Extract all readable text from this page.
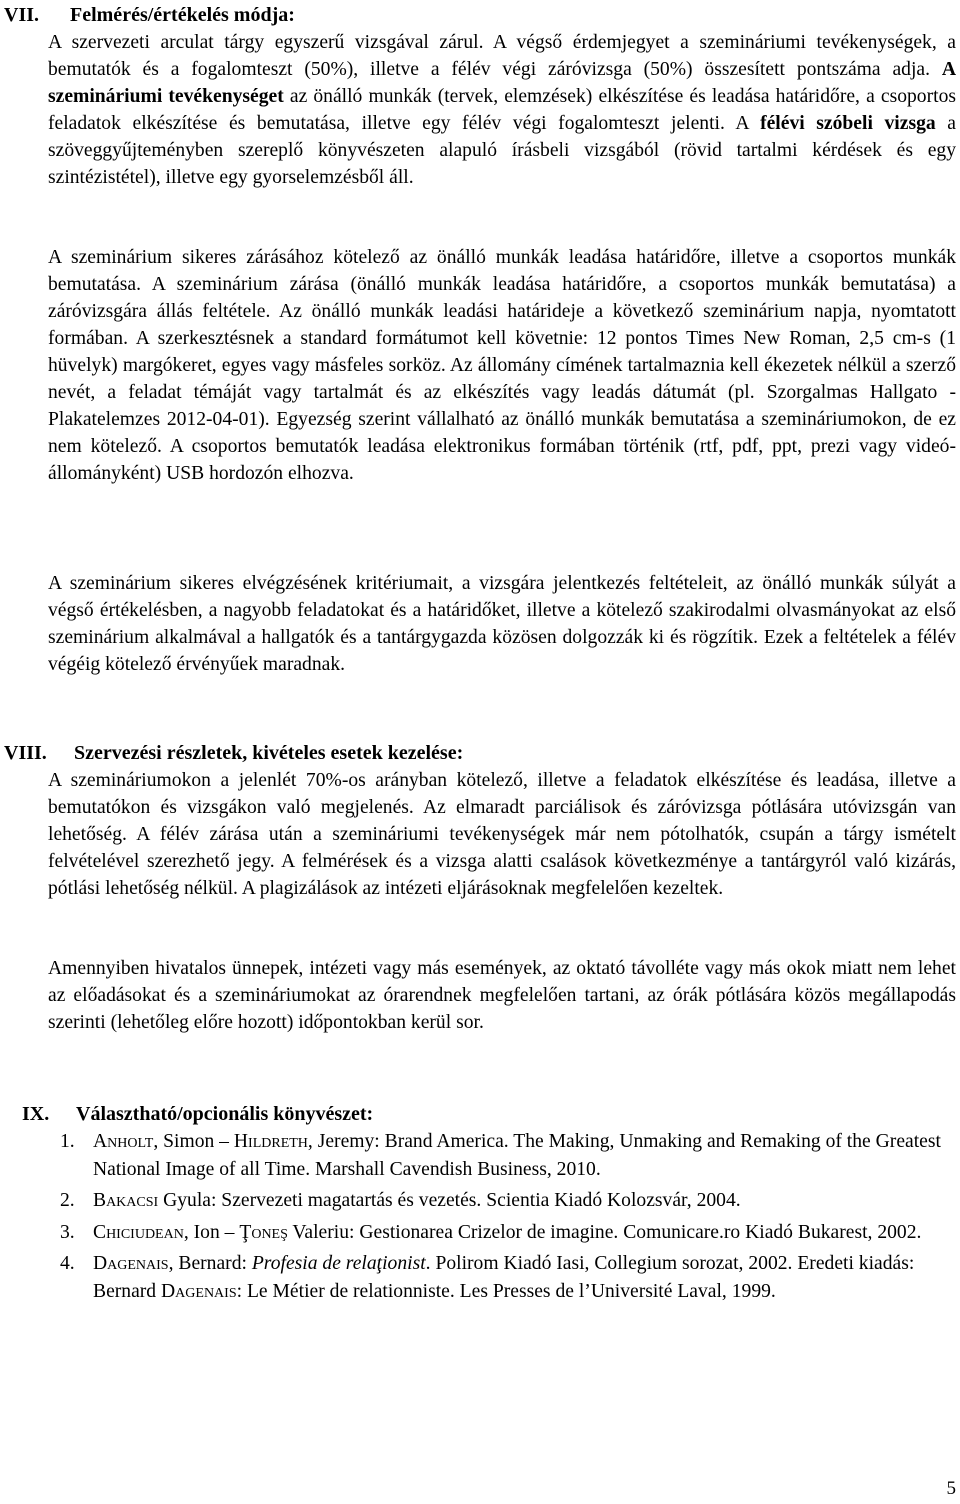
VII. Felmérés/értékelés módja:

A szervezeti arculat tárgy egyszerű vizsgával zárul. A végső érdemjegyet a szemináriumi tevékenységek, a bemutatók és a fogalomteszt (50%), illetve a félév végi záróvizsga (50%) összesített pontszáma adja. A szemináriumi tevékenységet az önálló munkák (tervek, elemzések) elkészítése és leadása határidőre, a csoportos feladatok elkészítése és bemutatása, illetve egy félév végi fogalomteszt jelenti. A félévi szóbeli vizsga a szöveggyűjteményben szereplő könyvészeten alapuló írásbeli vizsgából (rövid tartalmi kérdések és egy szintézistétel), illetve egy gyorselemzésből áll.

A szeminárium sikeres zárásához kötelező az önálló munkák leadása határidőre, illetve a csoportos munkák bemutatása. A szeminárium zárása (önálló munkák leadása határidőre, a csoportos munkák bemutatása) a záróvizsgára állás feltétele. Az önálló munkák leadási határideje a következő szeminárium napja, nyomtatott formában. A szerkesztésnek a standard formátumot kell követnie: 12 pontos Times New Roman, 2,5 cm-s (1 hüvelyk) margókeret, egyes vagy másfeles sorköz. Az állomány címének tartalmaznia kell ékezetek nélkül a szerző nevét, a feladat témáját vagy tartalmát és az elkészítés vagy leadás dátumát (pl. Szorgalmas Hallgato - Plakatelemzes 2012-04-01). Egyezség szerint vállalható az önálló munkák bemutatása a szemináriumokon, de ez nem kötelező. A csoportos bemutatók leadása elektronikus formában történik (rtf, pdf, ppt, prezi vagy videó-állományként) USB hordozón elhozva.

A szeminárium sikeres elvégzésének kritériumait, a vizsgára jelentkezés feltételeit, az önálló munkák súlyát a végső értékelésben, a nagyobb feladatokat és a határidőket, illetve a kötelező szakirodalmi olvasmányokat az első szeminárium alkalmával a hallgatók és a tantárgygazda közösen dolgozzák ki és rögzítik. Ezek a feltételek a félév végéig kötelező érvényűek maradnak.

VIII. Szervezési részletek, kivételes esetek kezelése:

A szemináriumokon a jelenlét 70%-os arányban kötelező, illetve a feladatok elkészítése és leadása, illetve a bemutatókon és vizsgákon való megjelenés. Az elmaradt parciálisok és záróvizsga pótlására utóvizsgán van lehetőség. A félév zárása után a szemináriumi tevékenységek már nem pótolhatók, csupán a tárgy ismételt felvételével szerezhető jegy. A felmérések és a vizsga alatti csalások következménye a tantárgyról való kizárás, pótlási lehetőség nélkül. A plagizálások az intézeti eljárásoknak megfelelően kezeltek.

Amennyiben hivatalos ünnepek, intézeti vagy más események, az oktató távolléte vagy más okok miatt nem lehet az előadásokat és a szemináriumokat az órarendnek megfelelően tartani, az órák pótlására közös megállapodás szerinti (lehetőleg előre hozott) időpontokban kerül sor.

IX. Választható/opcionális könyvészet:
1. Anholt, Simon – Hildreth, Jeremy: Brand America. The Making, Unmaking and Remaking of the Greatest National Image of all Time. Marshall Cavendish Business, 2010.
2. Bakacsi Gyula: Szervezeti magatartás és vezetés. Scientia Kiadó Kolozsvár, 2004.
3. Chiciudean, Ion – Ţoneş Valeriu: Gestionarea Crizelor de imagine. Comunicare.ro Kiadó Bukarest, 2002.
4. Dagenais, Bernard: Profesia de relaţionist. Polirom Kiadó Iasi, Collegium sorozat, 2002. Eredeti kiadás: Bernard Dagenais: Le Métier de relationniste. Les Presses de l’Université Laval, 1999.
5
